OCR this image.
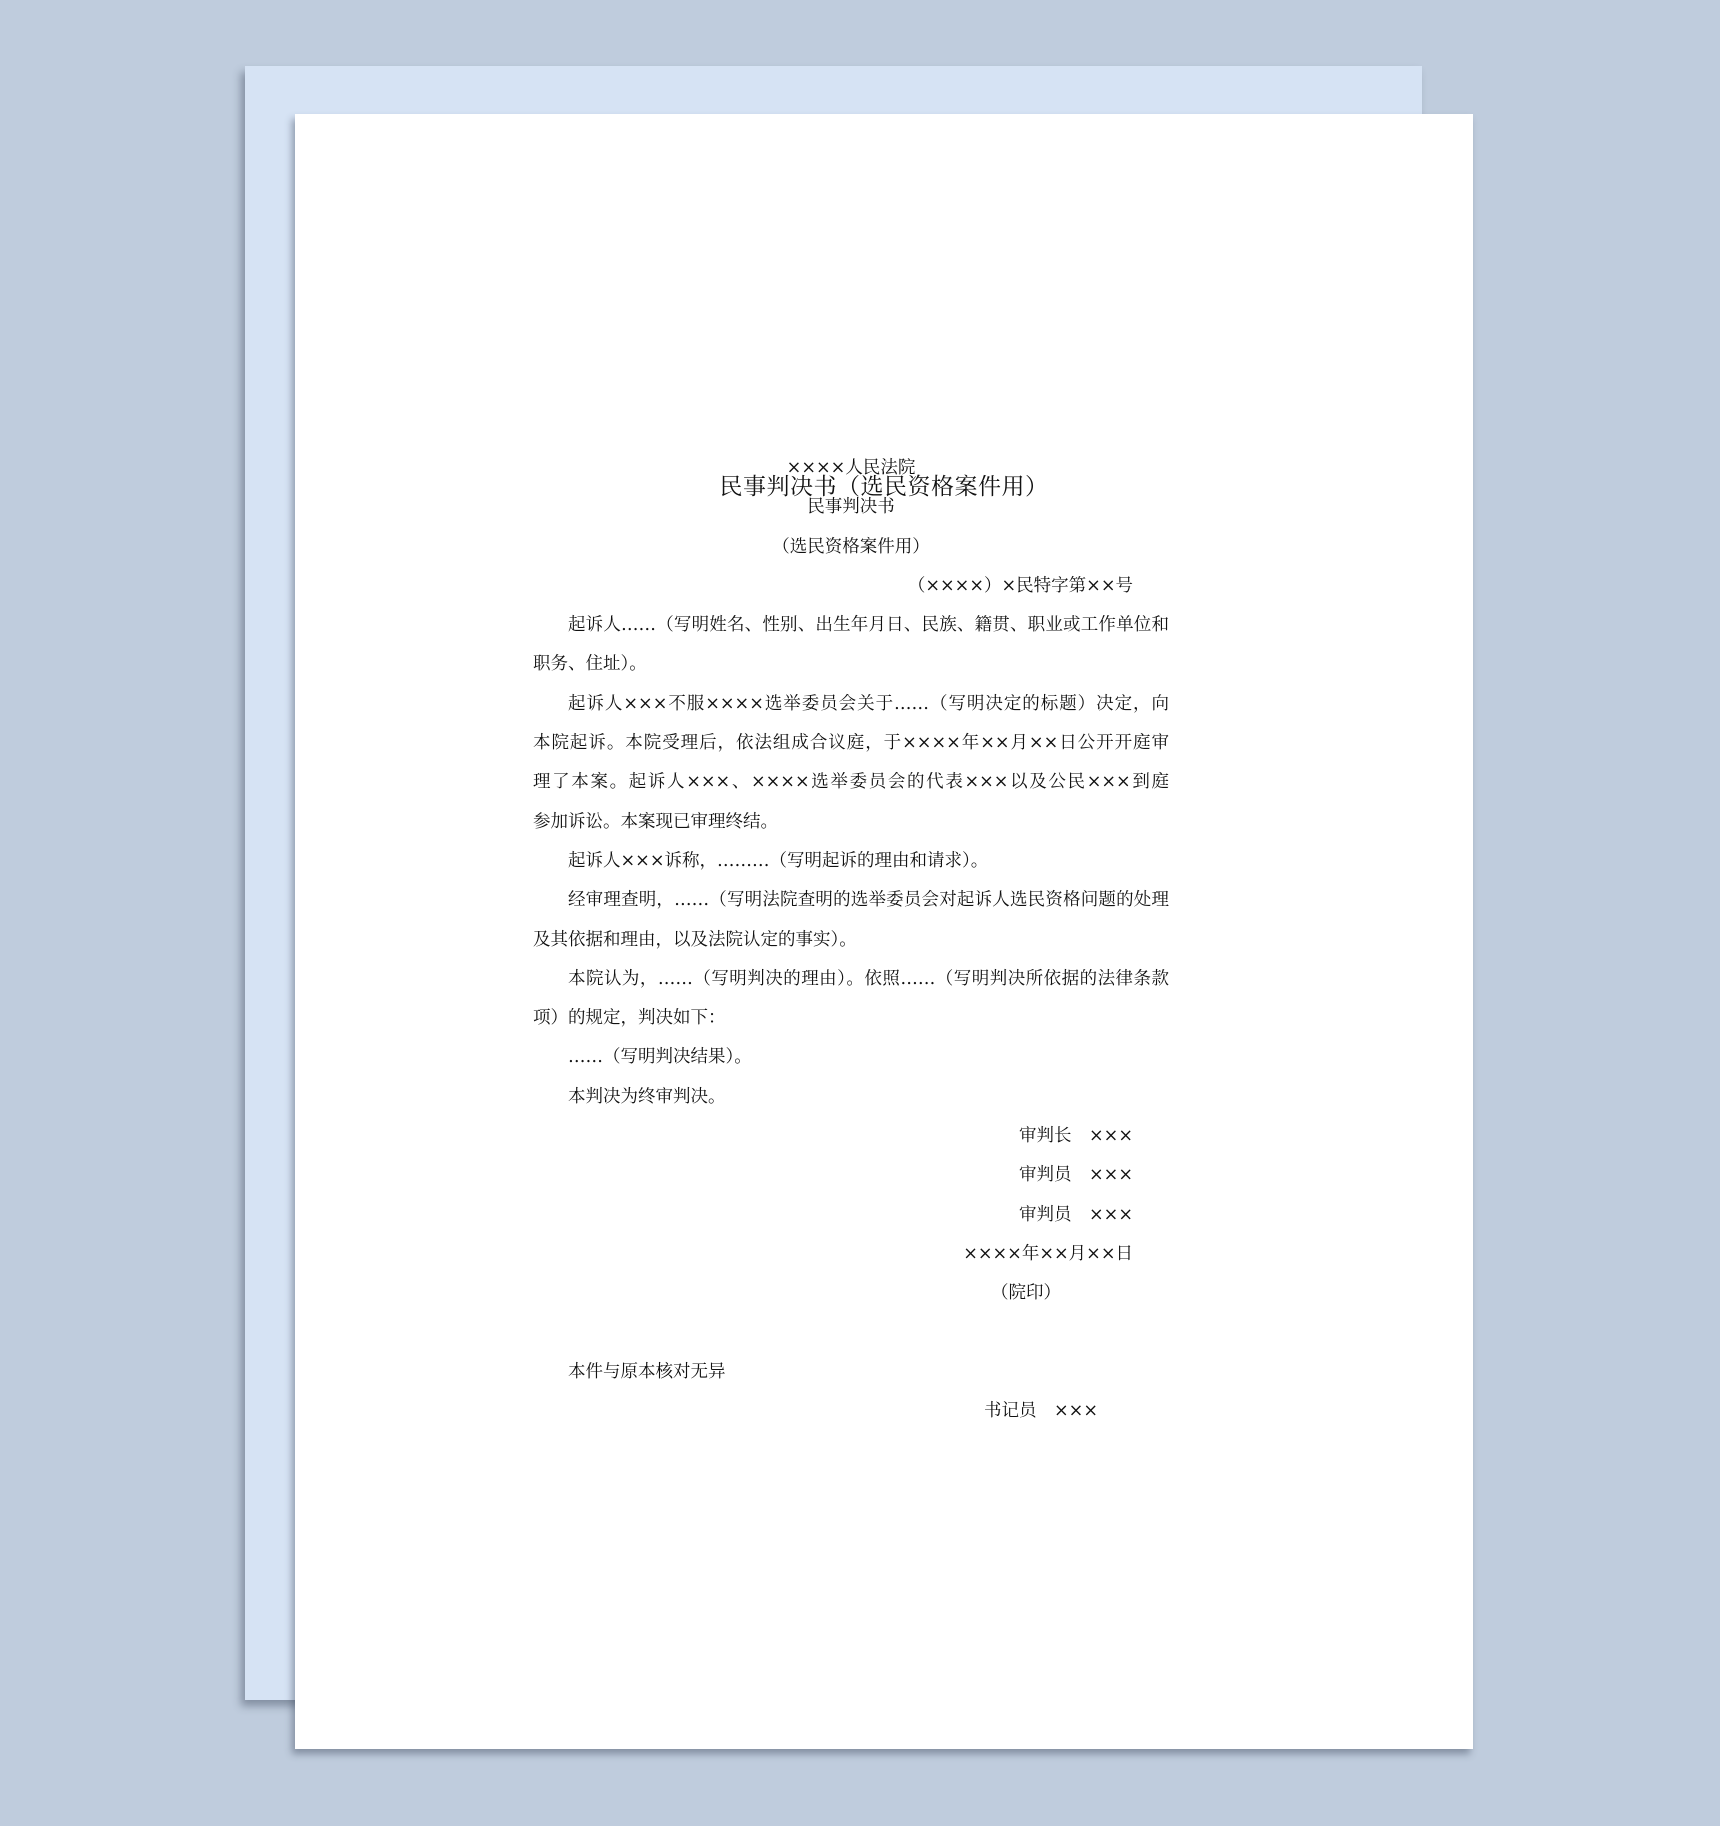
民事判决书（选民资格案件用）
××××人民法院
民事判决书
（选民资格案件用）
（××××）×民特字第××号
起诉人……（写明姓名、性别、出生年月日、民族、籍贯、职业或工作单位和
职务、住址）。
起诉人×××不服××××选举委员会关于……（写明决定的标题）决定，向
本院起诉。本院受理后，依法组成合议庭，于××××年××月××日公开开庭审
理了本案。起诉人×××、××××选举委员会的代表×××以及公民×××到庭
参加诉讼。本案现已审理终结。
起诉人×××诉称，………（写明起诉的理由和请求）。
经审理查明，……（写明法院查明的选举委员会对起诉人选民资格问题的处理
及其依据和理由，以及法院认定的事实）。
本院认为，……（写明判决的理由）。依照……（写明判决所依据的法律条款
项）的规定，判决如下：
……（写明判决结果）。
本判决为终审判决。
审判长　 ×××
审判员　 ×××
审判员　 ×××
××××年××月××日
（院印）
本件与原本核对无异
书记员　 ×××
